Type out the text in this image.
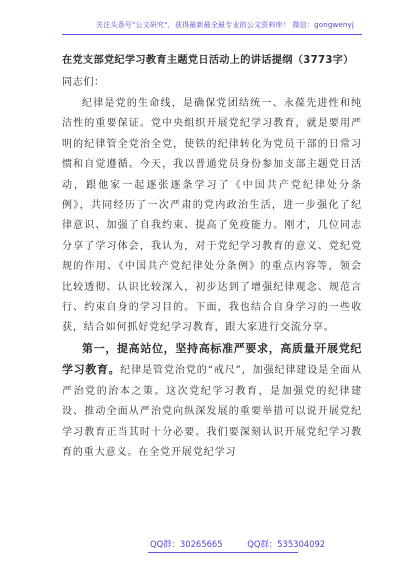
关注头条号"公文研究"，获得最新最全最专业的公文资料库！ 微信：gongwenyj
在党支部党纪学习教育主题党日活动上的讲话提纲（3773字）
同志们：

纪律是党的生命线，是确保党团结统一、永葆先进性和纯洁性的重要保证。党中央组织开展党纪学习教育，就是要用严明的纪律管全党治全党，使铁的纪律转化为党员干部的日常习惯和自觉遵循。今天，我以普通党员身份参加支部主题党日活动，跟他家一起逐张逐条学习了《中国共产党纪律处分条例》，共同经历了一次严肃的党内政治生活，进一步强化了纪律意识、加强了自我约束、提高了免疫能力。刚才，几位同志分享了学习体会，我认为，对于党纪学习教育的意义、党纪党规的作用、《中国共产党纪律处分条例》的重点内容等，领会比较透彻、认识比较深入，初步达到了增强纪律观念、规范言行、约束自身的学习目的。下面，我也结合自身学习的一些收获，结合如何抓好党纪学习教育，跟大家进行交流分享。

第一，提高站位，坚持高标准严要求，高质量开展党纪学习教育。纪律是管党治党的“戒尺”，加强纪律建设是全面从严治党的治本之策。这次党纪学习教育，是加强党的纪律建设、推动全面从严治党向纵深发展的重要举措可以说开展党纪学习教育正当其时十分必要。我们要深刻认识开展党纪学习教育的重大意义。在全党开展党纪学习

QQ群：30265665	QQ群：535304092
